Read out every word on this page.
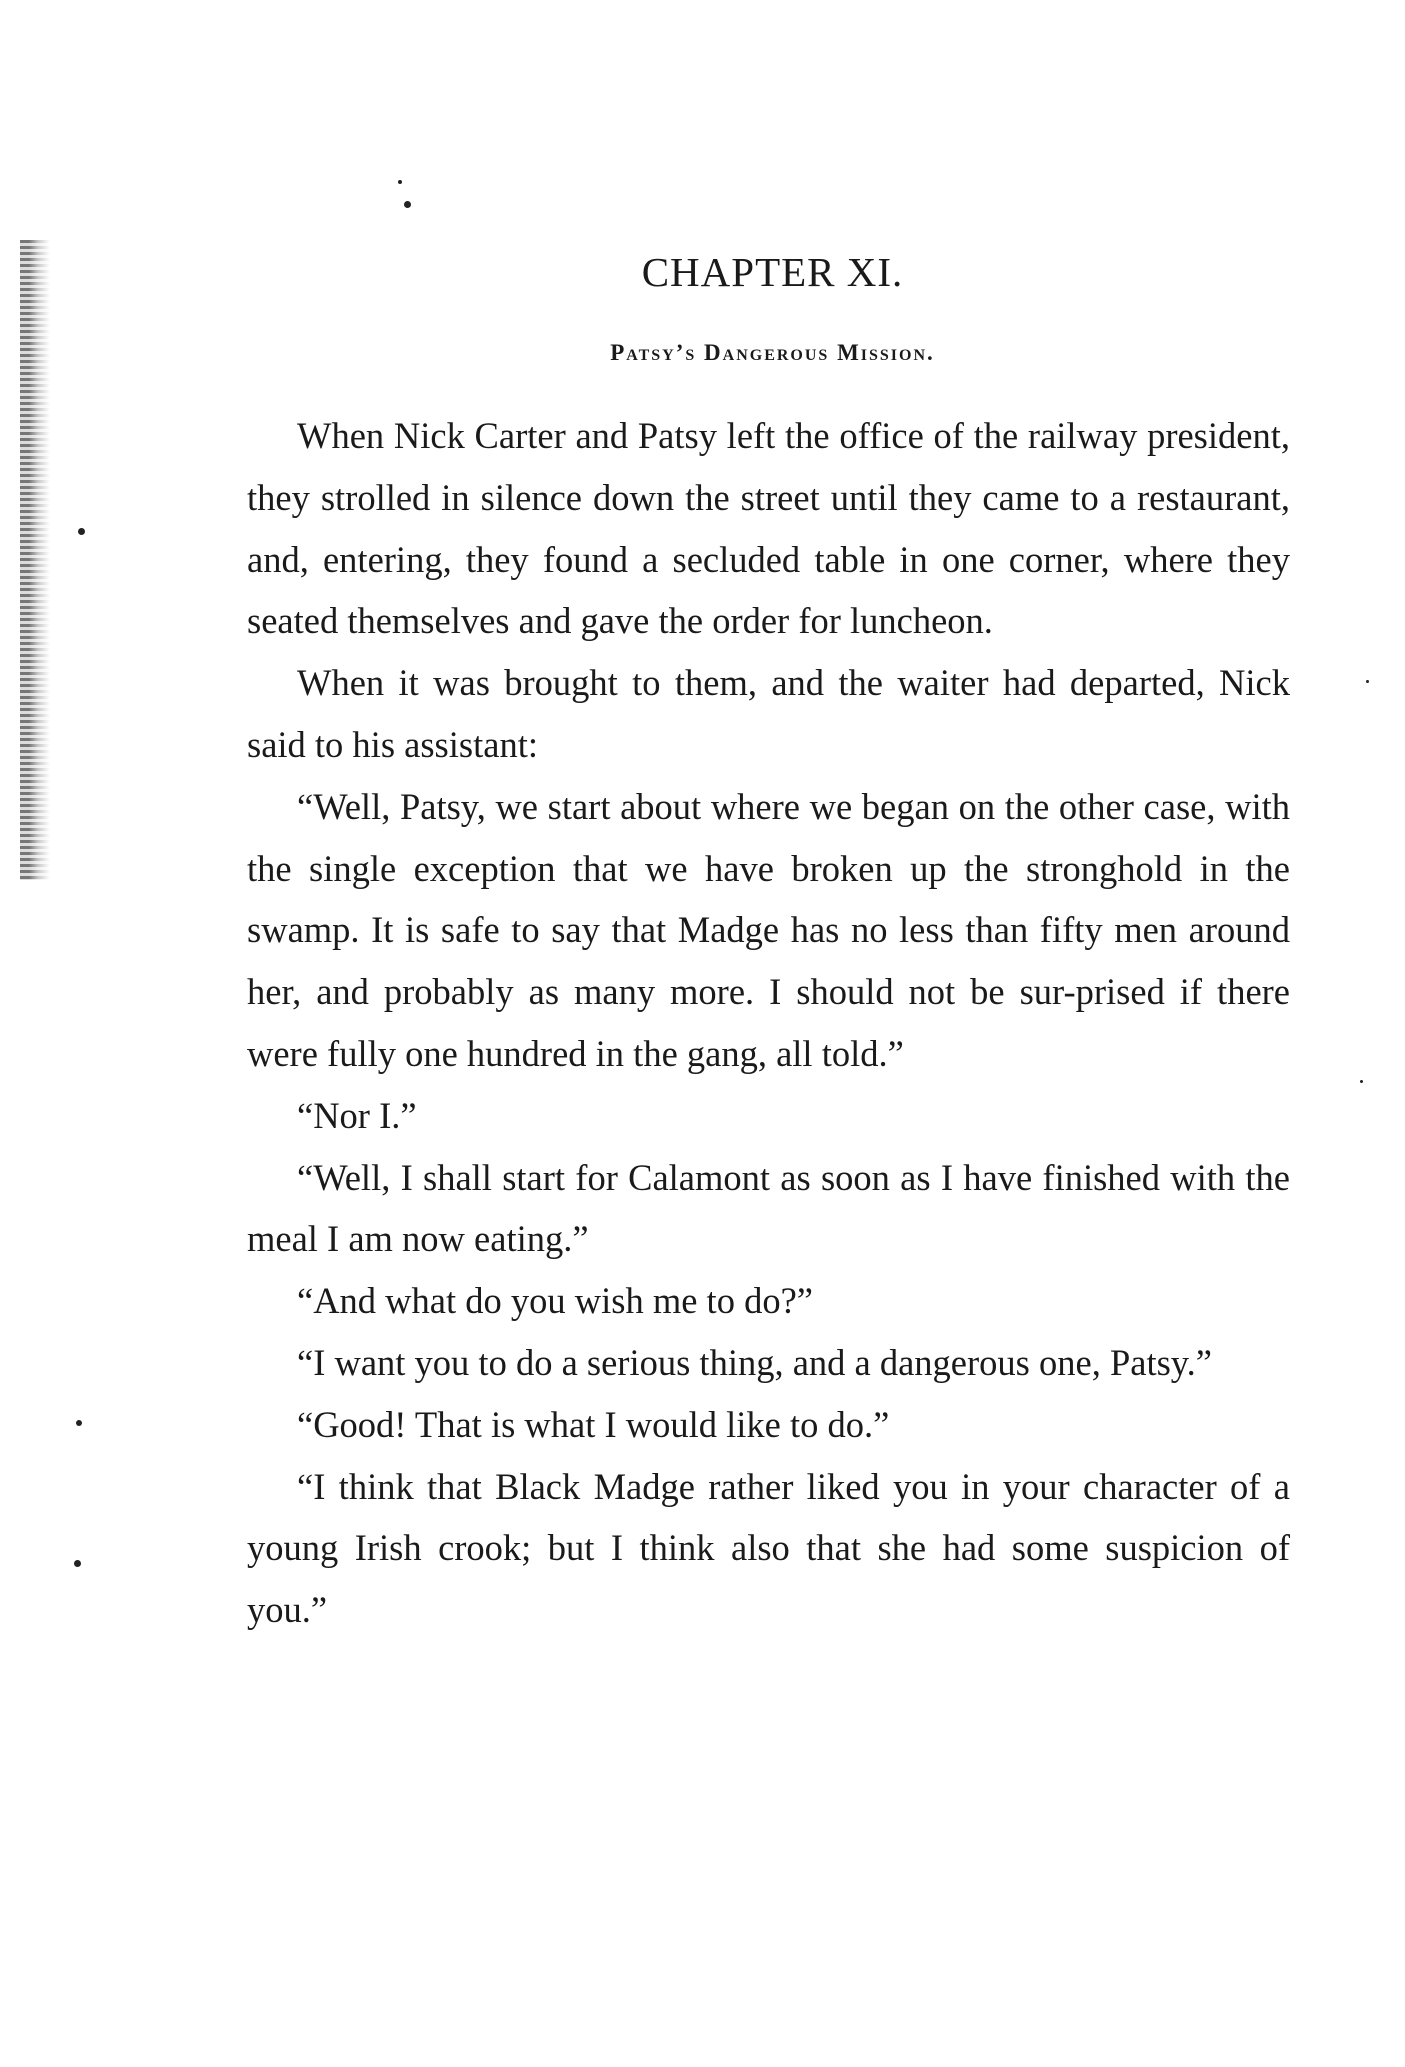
CHAPTER XI.
Patsy’s Dangerous Mission.

When Nick Carter and Patsy left the office of the railway president, they strolled in silence down the street until they came to a restaurant, and, entering, they found a secluded table in one corner, where they seated themselves and gave the order for luncheon.

When it was brought to them, and the waiter had departed, Nick said to his assistant:

“Well, Patsy, we start about where we began on the other case, with the single exception that we have broken up the stronghold in the swamp. It is safe to say that Madge has no less than fifty men around her, and probably as many more. I should not be sur-prised if there were fully one hundred in the gang, all told.”

“Nor I.”

“Well, I shall start for Calamont as soon as I have finished with the meal I am now eating.”

“And what do you wish me to do?”

“I want you to do a serious thing, and a dangerous one, Patsy.”

“Good! That is what I would like to do.”

“I think that Black Madge rather liked you in your character of a young Irish crook; but I think also that she had some suspicion of you.”
